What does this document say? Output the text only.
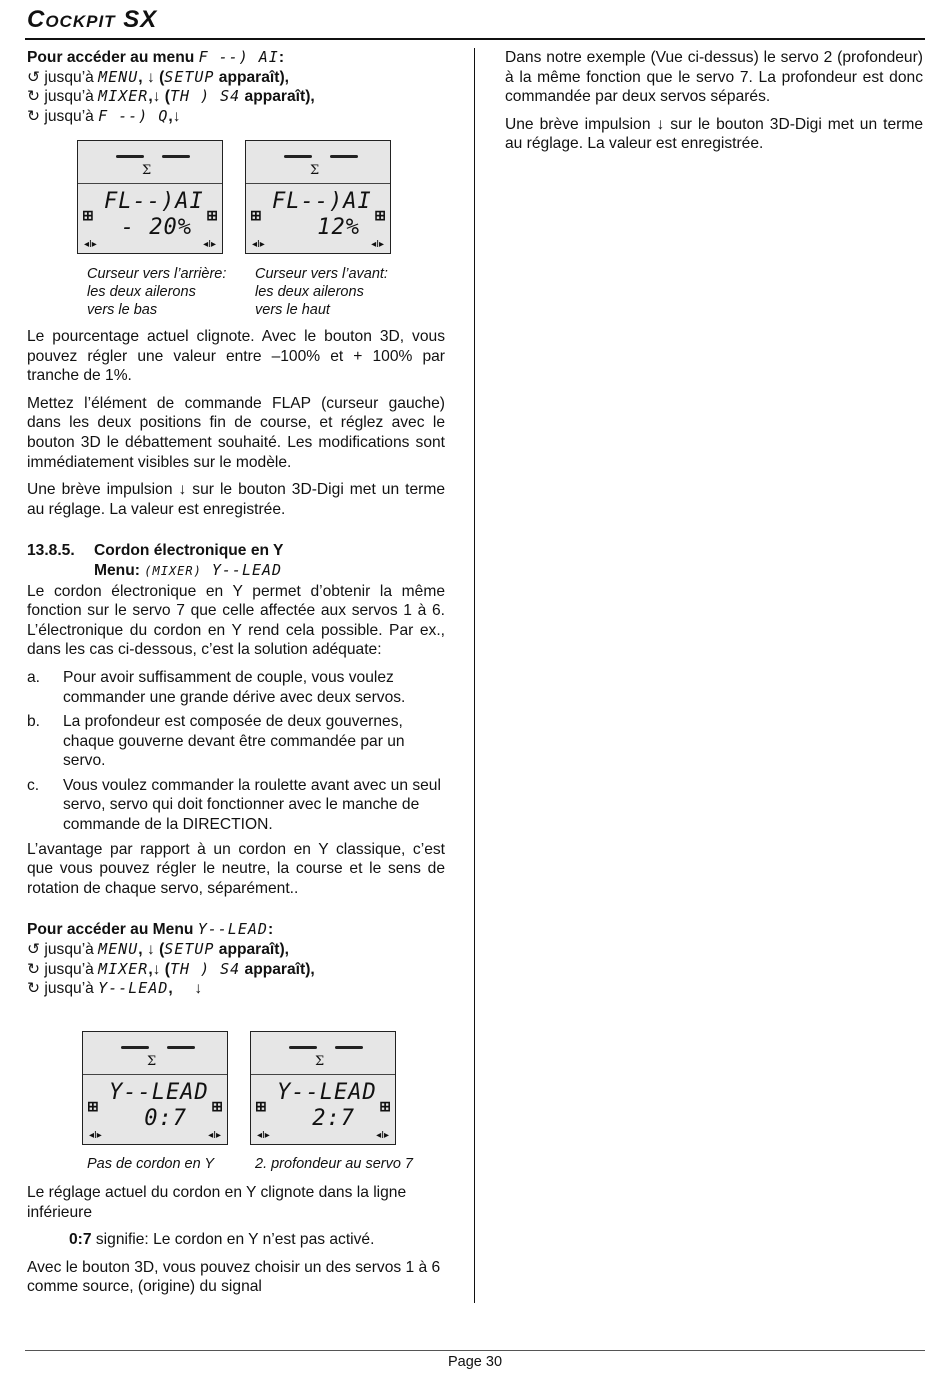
Cockpit SX
Pour accéder au menu F --) AI:
↺ jusqu’à MENU, ↓ (SETUP apparaît),
↻ jusqu’à MIXER,↓ (TH ) S4 apparaît),
↻ jusqu’à F --) Q,↓
Σ
⊞	⊞
FL--)AI
- 20%
◂I▸	◂I▸
Σ
⊞	⊞
FL--)AI
12%
◂I▸	◂I▸
Curseur vers l’arrière:
les deux ailerons
vers le bas
Curseur vers l’avant:
les deux ailerons
vers le haut

Le pourcentage actuel clignote. Avec le bouton 3D, vous pouvez régler une valeur entre –100% et + 100% par tranche de 1%.

Mettez l’élément de commande FLAP (curseur gauche) dans les deux positions fin de course, et réglez avec le bouton 3D le débattement souhaité. Les modifications sont immédiatement visibles sur le modèle.

Une brève impulsion ↓ sur le bouton 3D-Digi met un terme au réglage. La valeur est enregistrée.

13.8.5. Cordon électronique en Y
Menu: (MIXER) Y--LEAD

Le cordon électronique en Y permet d’obtenir la même fonction sur le servo 7 que celle affectée aux servos 1 à 6. L’électronique du cordon en Y rend cela possible. Par ex., dans les cas ci-dessous, c’est la solution adéquate:

a.	Pour avoir suffisamment de couple, vous voulez commander une grande dérive avec deux servos.
b.	La profondeur est composée de deux gouvernes, chaque gouverne devant être commandée par un servo.
c.	Vous voulez commander la roulette avant avec un seul servo, servo qui doit fonctionner avec le manche de commande de la DIRECTION.

L’avantage par rapport à un cordon en Y classique, c’est que vous pouvez régler le neutre, la course et le sens de rotation de chaque servo, séparément..

Pour accéder au Menu Y--LEAD:
↺ jusqu’à MENU, ↓ (SETUP apparaît),
↻ jusqu’à MIXER,↓ (TH ) S4 apparaît),
↻ jusqu’à Y--LEAD,     ↓
Σ
⊞	⊞
Y--LEAD
0:7
◂I▸	◂I▸
Σ
⊞	⊞
Y--LEAD
2:7
◂I▸	◂I▸
Pas de cordon en Y	2. profondeur au servo 7

Le réglage actuel du cordon en Y clignote dans la ligne inférieure

0:7 signifie: Le cordon en Y n’est pas activé.

Avec le bouton 3D, vous pouvez choisir un des servos 1 à 6 comme source, (origine) du signal

Dans notre exemple (Vue ci-dessus) le servo 2 (profondeur) à la même fonction que le servo 7. La profondeur est donc commandée par deux servos séparés.

Une brève impulsion ↓ sur le bouton 3D-Digi met un terme au réglage. La valeur est enregistrée.

Page 30
